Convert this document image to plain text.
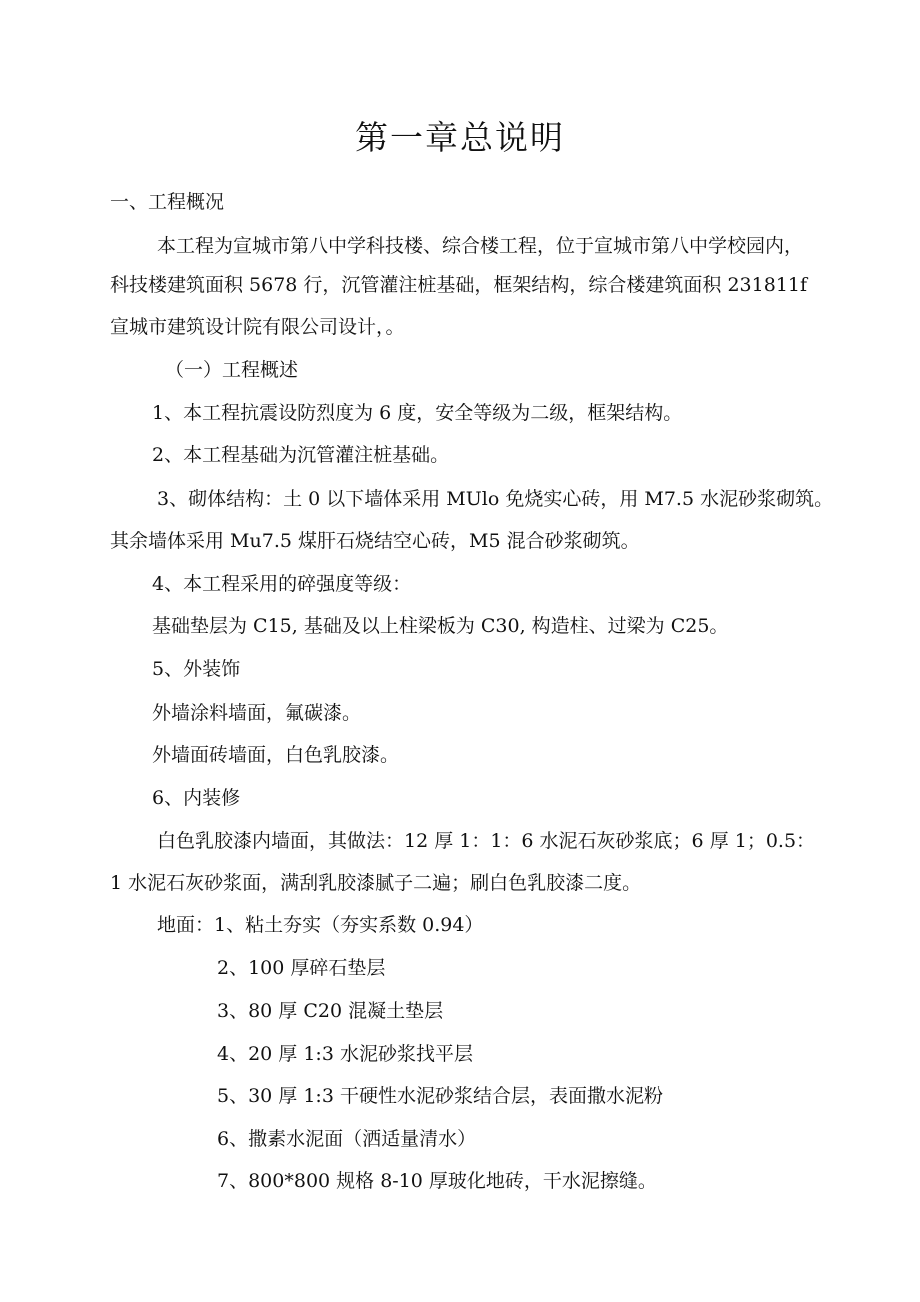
第一章总说明
一、工程概况
本工程为宣城市第八中学科技楼、综合楼工程，位于宣城市第八中学校园内，
科技楼建筑面积 5678 行，沉管灌注桩基础，框架结构，综合楼建筑面积 231811f
宣城市建筑设计院有限公司设计，。
（一）工程概述
1、本工程抗震设防烈度为 6 度，安全等级为二级，框架结构。
2、本工程基础为沉管灌注桩基础。
3、砌体结构：土 0 以下墙体采用 MUlo 免烧实心砖，用 M7.5 水泥砂浆砌筑。
其余墙体采用 Mu7.5 煤肝石烧结空心砖，M5 混合砂浆砌筑。
4、本工程采用的碎强度等级：
基础垫层为 C15, 基础及以上柱梁板为 C30, 构造柱、过梁为 C25。
5、外装饰
外墙涂料墙面，氟碳漆。
外墙面砖墙面，白色乳胶漆。
6、内装修
白色乳胶漆内墙面，其做法：12 厚 1：1：6 水泥石灰砂浆底；6 厚 1；0.5：
1 水泥石灰砂浆面，满刮乳胶漆腻子二遍；刷白色乳胶漆二度。
地面：1、粘土夯实（夯实系数 0.94）
2、100 厚碎石垫层
3、80 厚 C20 混凝土垫层
4、20 厚 1:3 水泥砂浆找平层
5、30 厚 1:3 干硬性水泥砂浆结合层，表面撒水泥粉
6、撒素水泥面（洒适量清水）
7、800*800 规格 8-10 厚玻化地砖，干水泥擦缝。
